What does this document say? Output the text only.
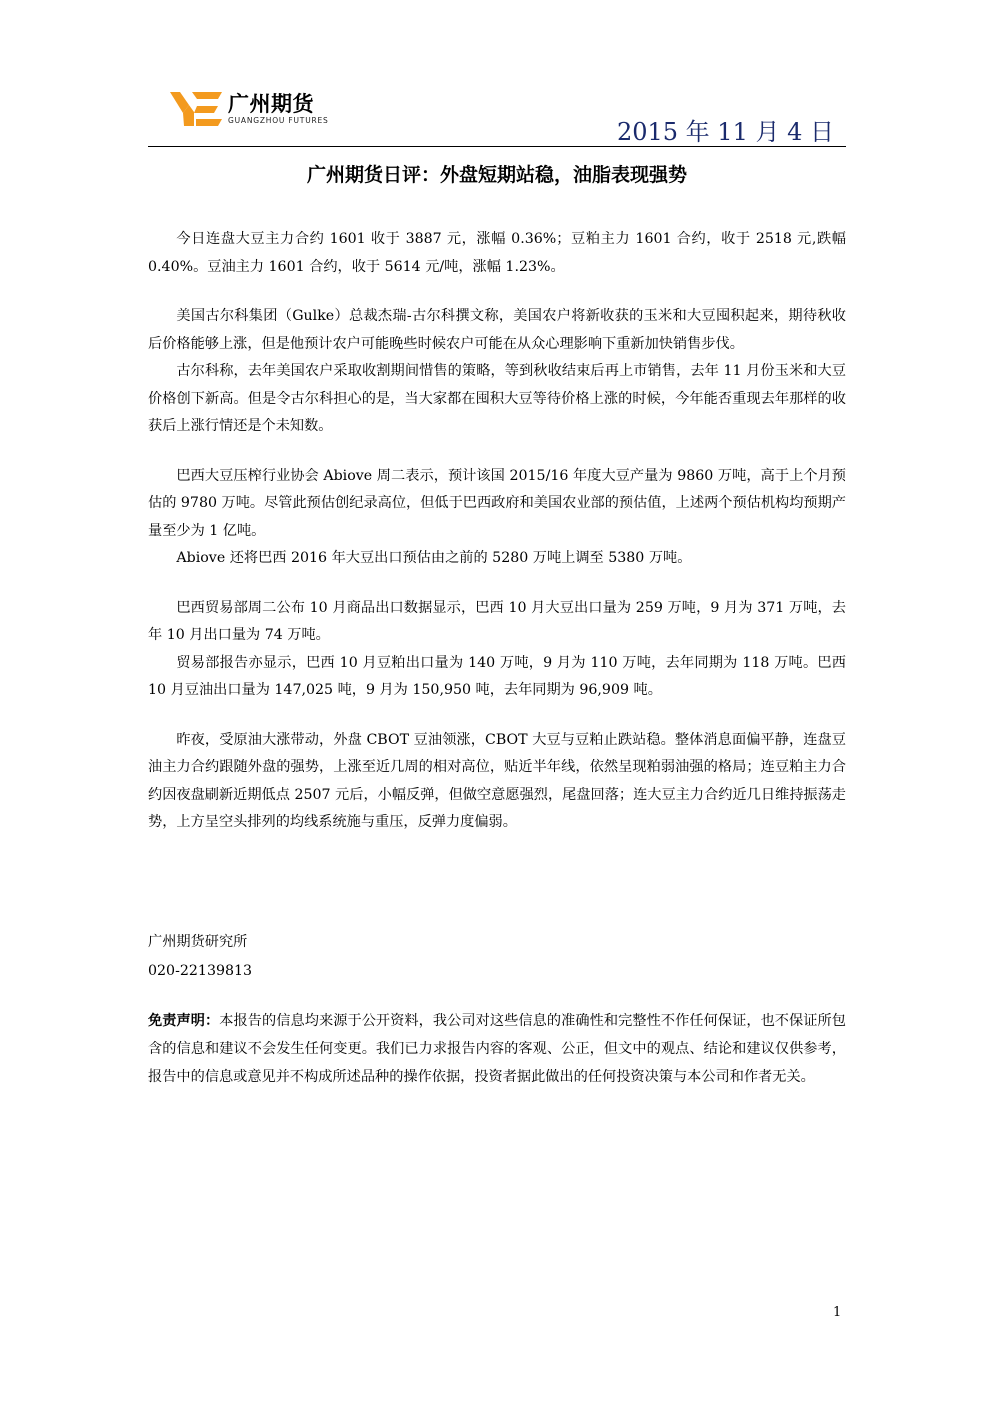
广州期货
GUANGZHOU FUTURES	2015 年 11 月 4 日
广州期货日评：外盘短期站稳，油脂表现强势

今日连盘大豆主力合约 1601 收于 3887 元，涨幅 0.36%；豆粕主力 1601 合约，收于 2518 元,跌幅 0.40%。豆油主力 1601 合约，收于 5614 元/吨，涨幅 1.23%。

美国古尔科集团（Gulke）总裁杰瑞-古尔科撰文称，美国农户将新收获的玉米和大豆囤积起来，期待秋收后价格能够上涨，但是他预计农户可能晚些时候农户可能在从众心理影响下重新加快销售步伐。

古尔科称，去年美国农户采取收割期间惜售的策略，等到秋收结束后再上市销售，去年 11 月份玉米和大豆价格创下新高。但是令古尔科担心的是，当大家都在囤积大豆等待价格上涨的时候，今年能否重现去年那样的收获后上涨行情还是个未知数。

巴西大豆压榨行业协会 Abiove 周二表示，预计该国 2015/16 年度大豆产量为 9860 万吨，高于上个月预估的 9780 万吨。尽管此预估创纪录高位，但低于巴西政府和美国农业部的预估值，上述两个预估机构均预期产量至少为 1 亿吨。

Abiove 还将巴西 2016 年大豆出口预估由之前的 5280 万吨上调至 5380 万吨。

巴西贸易部周二公布 10 月商品出口数据显示，巴西 10 月大豆出口量为 259 万吨，9 月为 371 万吨，去年 10 月出口量为 74 万吨。

贸易部报告亦显示，巴西 10 月豆粕出口量为 140 万吨，9 月为 110 万吨，去年同期为 118 万吨。巴西 10 月豆油出口量为 147,025 吨，9 月为 150,950 吨，去年同期为 96,909 吨。

昨夜，受原油大涨带动，外盘 CBOT 豆油领涨，CBOT 大豆与豆粕止跌站稳。整体消息面偏平静，连盘豆油主力合约跟随外盘的强势，上涨至近几周的相对高位，贴近半年线，依然呈现粕弱油强的格局；连豆粕主力合约因夜盘刷新近期低点 2507 元后，小幅反弹，但做空意愿强烈，尾盘回落；连大豆主力合约近几日维持振荡走势，上方呈空头排列的均线系统施与重压，反弹力度偏弱。

广州期货研究所
020-22139813
免责声明：本报告的信息均来源于公开资料，我公司对这些信息的准确性和完整性不作任何保证，也不保证所包含的信息和建议不会发生任何变更。我们已力求报告内容的客观、公正，但文中的观点、结论和建议仅供参考，报告中的信息或意见并不构成所述品种的操作依据，投资者据此做出的任何投资决策与本公司和作者无关。
1
